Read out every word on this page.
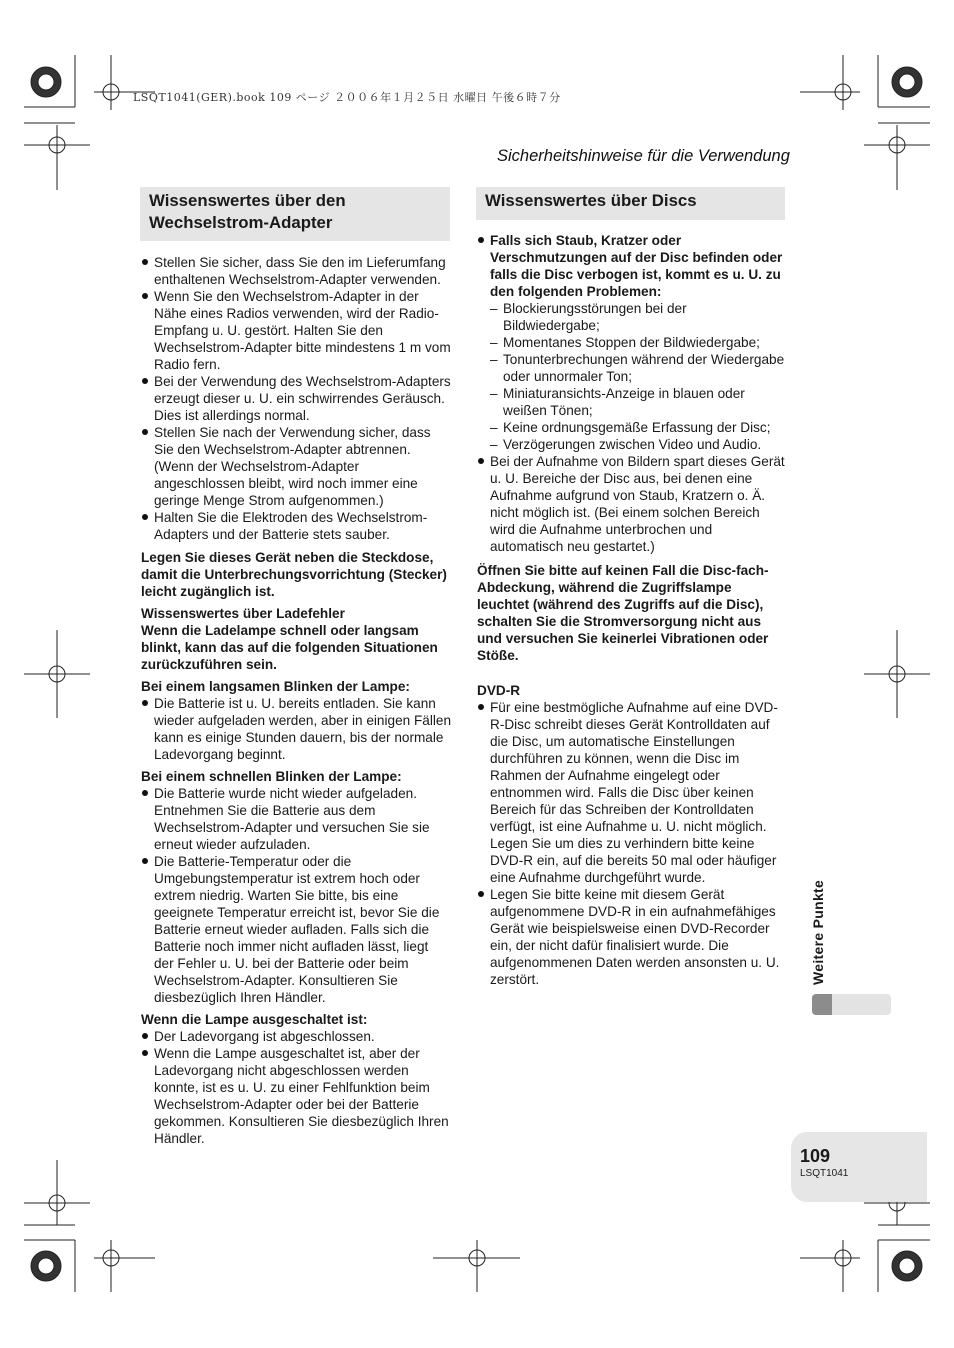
LSQT1041(GER).book 109 ページ ２００６年１月２５日 水曜日 午後６時７分
Sicherheitshinweise für die Verwendung
Wissenswertes über den Wechselstrom-Adapter
Stellen Sie sicher, dass Sie den im Lieferumfang enthaltenen Wechselstrom-Adapter verwenden.
Wenn Sie den Wechselstrom-Adapter in der Nähe eines Radios verwenden, wird der Radio-Empfang u. U. gestört. Halten Sie den Wechselstrom-Adapter bitte mindestens 1 m vom Radio fern.
Bei der Verwendung des Wechselstrom-Adapters erzeugt dieser u. U. ein schwirrendes Geräusch. Dies ist allerdings normal.
Stellen Sie nach der Verwendung sicher, dass Sie den Wechselstrom-Adapter abtrennen. (Wenn der Wechselstrom-Adapter angeschlossen bleibt, wird noch immer eine geringe Menge Strom aufgenommen.)
Halten Sie die Elektroden des Wechselstrom-Adapters und der Batterie stets sauber.

Legen Sie dieses Gerät neben die Steckdose, damit die Unterbrechungsvorrichtung (Stecker) leicht zugänglich ist.

Wissenswertes über Ladefehler

Wenn die Ladelampe schnell oder langsam blinkt, kann das auf die folgenden Situationen zurückzuführen sein.

Bei einem langsamen Blinken der Lampe:

Die Batterie ist u. U. bereits entladen. Sie kann wieder aufgeladen werden, aber in einigen Fällen kann es einige Stunden dauern, bis der normale Ladevorgang beginnt.

Bei einem schnellen Blinken der Lampe:

Die Batterie wurde nicht wieder aufgeladen. Entnehmen Sie die Batterie aus dem Wechselstrom-Adapter und versuchen Sie sie erneut wieder aufzuladen.
Die Batterie-Temperatur oder die Umgebungstemperatur ist extrem hoch oder extrem niedrig. Warten Sie bitte, bis eine geeignete Temperatur erreicht ist, bevor Sie die Batterie erneut wieder aufladen. Falls sich die Batterie noch immer nicht aufladen lässt, liegt der Fehler u. U. bei der Batterie oder beim Wechselstrom-Adapter. Konsultieren Sie diesbezüglich Ihren Händler.

Wenn die Lampe ausgeschaltet ist:

Der Ladevorgang ist abgeschlossen.
Wenn die Lampe ausgeschaltet ist, aber der Ladevorgang nicht abgeschlossen werden konnte, ist es u. U. zu einer Fehlfunktion beim Wechselstrom-Adapter oder bei der Batterie gekommen. Konsultieren Sie diesbezüglich Ihren Händler.
Wissenswertes über Discs
Falls sich Staub, Kratzer oder Verschmutzungen auf der Disc befinden oder falls die Disc verbogen ist, kommt es u. U. zu den folgenden Problemen:
– Blockierungsstörungen bei der Bildwiedergabe;
– Momentanes Stoppen der Bildwiedergabe;
– Tonunterbrechungen während der Wiedergabe oder unnormaler Ton;
– Miniaturansichts-Anzeige in blauen oder weißen Tönen;
– Keine ordnungsgemäße Erfassung der Disc;
– Verzögerungen zwischen Video und Audio.
Bei der Aufnahme von Bildern spart dieses Gerät u. U. Bereiche der Disc aus, bei denen eine Aufnahme aufgrund von Staub, Kratzern o. Ä. nicht möglich ist. (Bei einem solchen Bereich wird die Aufnahme unterbrochen und automatisch neu gestartet.)

Öffnen Sie bitte auf keinen Fall die Disc-fach-Abdeckung, während die Zugriffslampe leuchtet (während des Zugriffs auf die Disc), schalten Sie die Stromversorgung nicht aus und versuchen Sie keinerlei Vibrationen oder Stöße.

DVD-R

Für eine bestmögliche Aufnahme auf eine DVD-R-Disc schreibt dieses Gerät Kontrolldaten auf die Disc, um automatische Einstellungen durchführen zu können, wenn die Disc im Rahmen der Aufnahme eingelegt oder entnommen wird. Falls die Disc über keinen Bereich für das Schreiben der Kontrolldaten verfügt, ist eine Aufnahme u. U. nicht möglich. Legen Sie um dies zu verhindern bitte keine DVD-R ein, auf die bereits 50 mal oder häufiger eine Aufnahme durchgeführt wurde.
Legen Sie bitte keine mit diesem Gerät aufgenommene DVD-R in ein aufnahmefähiges Gerät wie beispielsweise einen DVD-Recorder ein, der nicht dafür finalisiert wurde. Die aufgenommenen Daten werden ansonsten u. U. zerstört.	Weitere Punkte
109
LSQT1041
